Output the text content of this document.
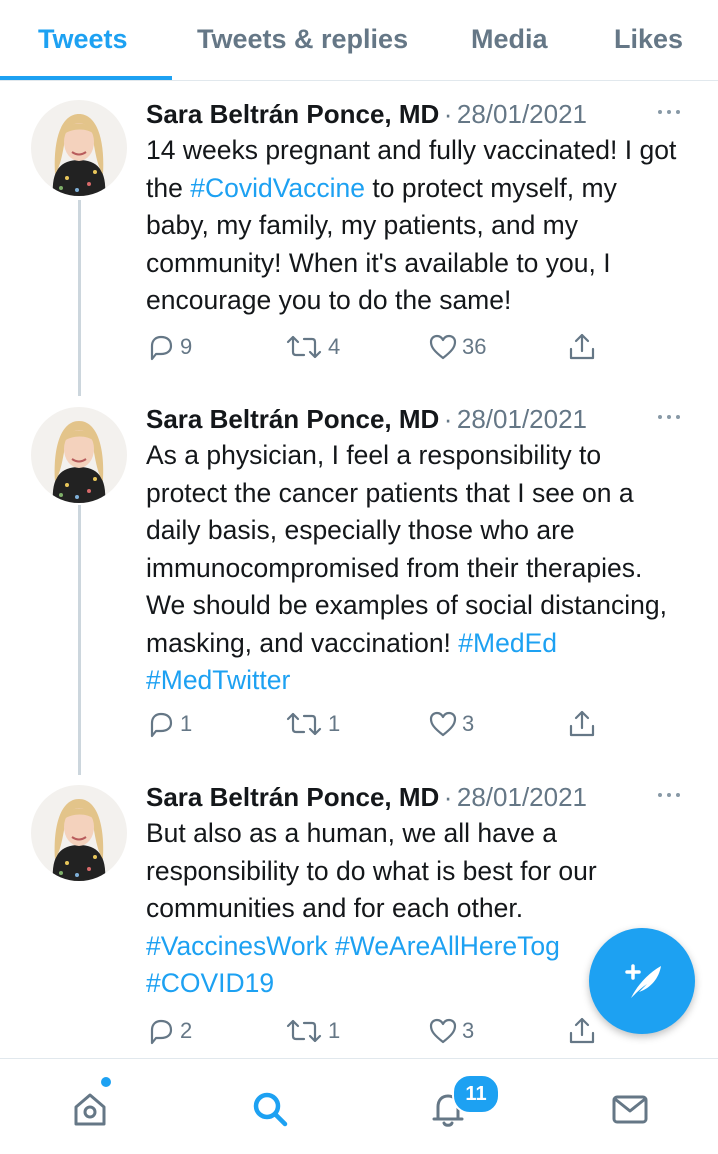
Tweets	Tweets & replies Media Likes
Sara Beltrán Ponce, MD · 28/01/2021

14 weeks pregnant and fully vaccinated! I got the #CovidVaccine to protect myself, my baby, my family, my patients, and my community! When it's available to you, I encourage you to do the same!

9	4	36
Sara Beltrán Ponce, MD · 28/01/2021

As a physician, I feel a responsibility to protect the cancer patients that I see on a daily basis, especially those who are immunocompromised from their therapies. We should be examples of social distancing, masking, and vaccination! #MedEd #MedTwitter

1	1	3
Sara Beltrán Ponce, MD · 28/01/2021

But also as a human, we all have a responsibility to do what is best for our communities and for each other. #VaccinesWork #WeAreAllHereTog #COVID19

2	1	3
11
